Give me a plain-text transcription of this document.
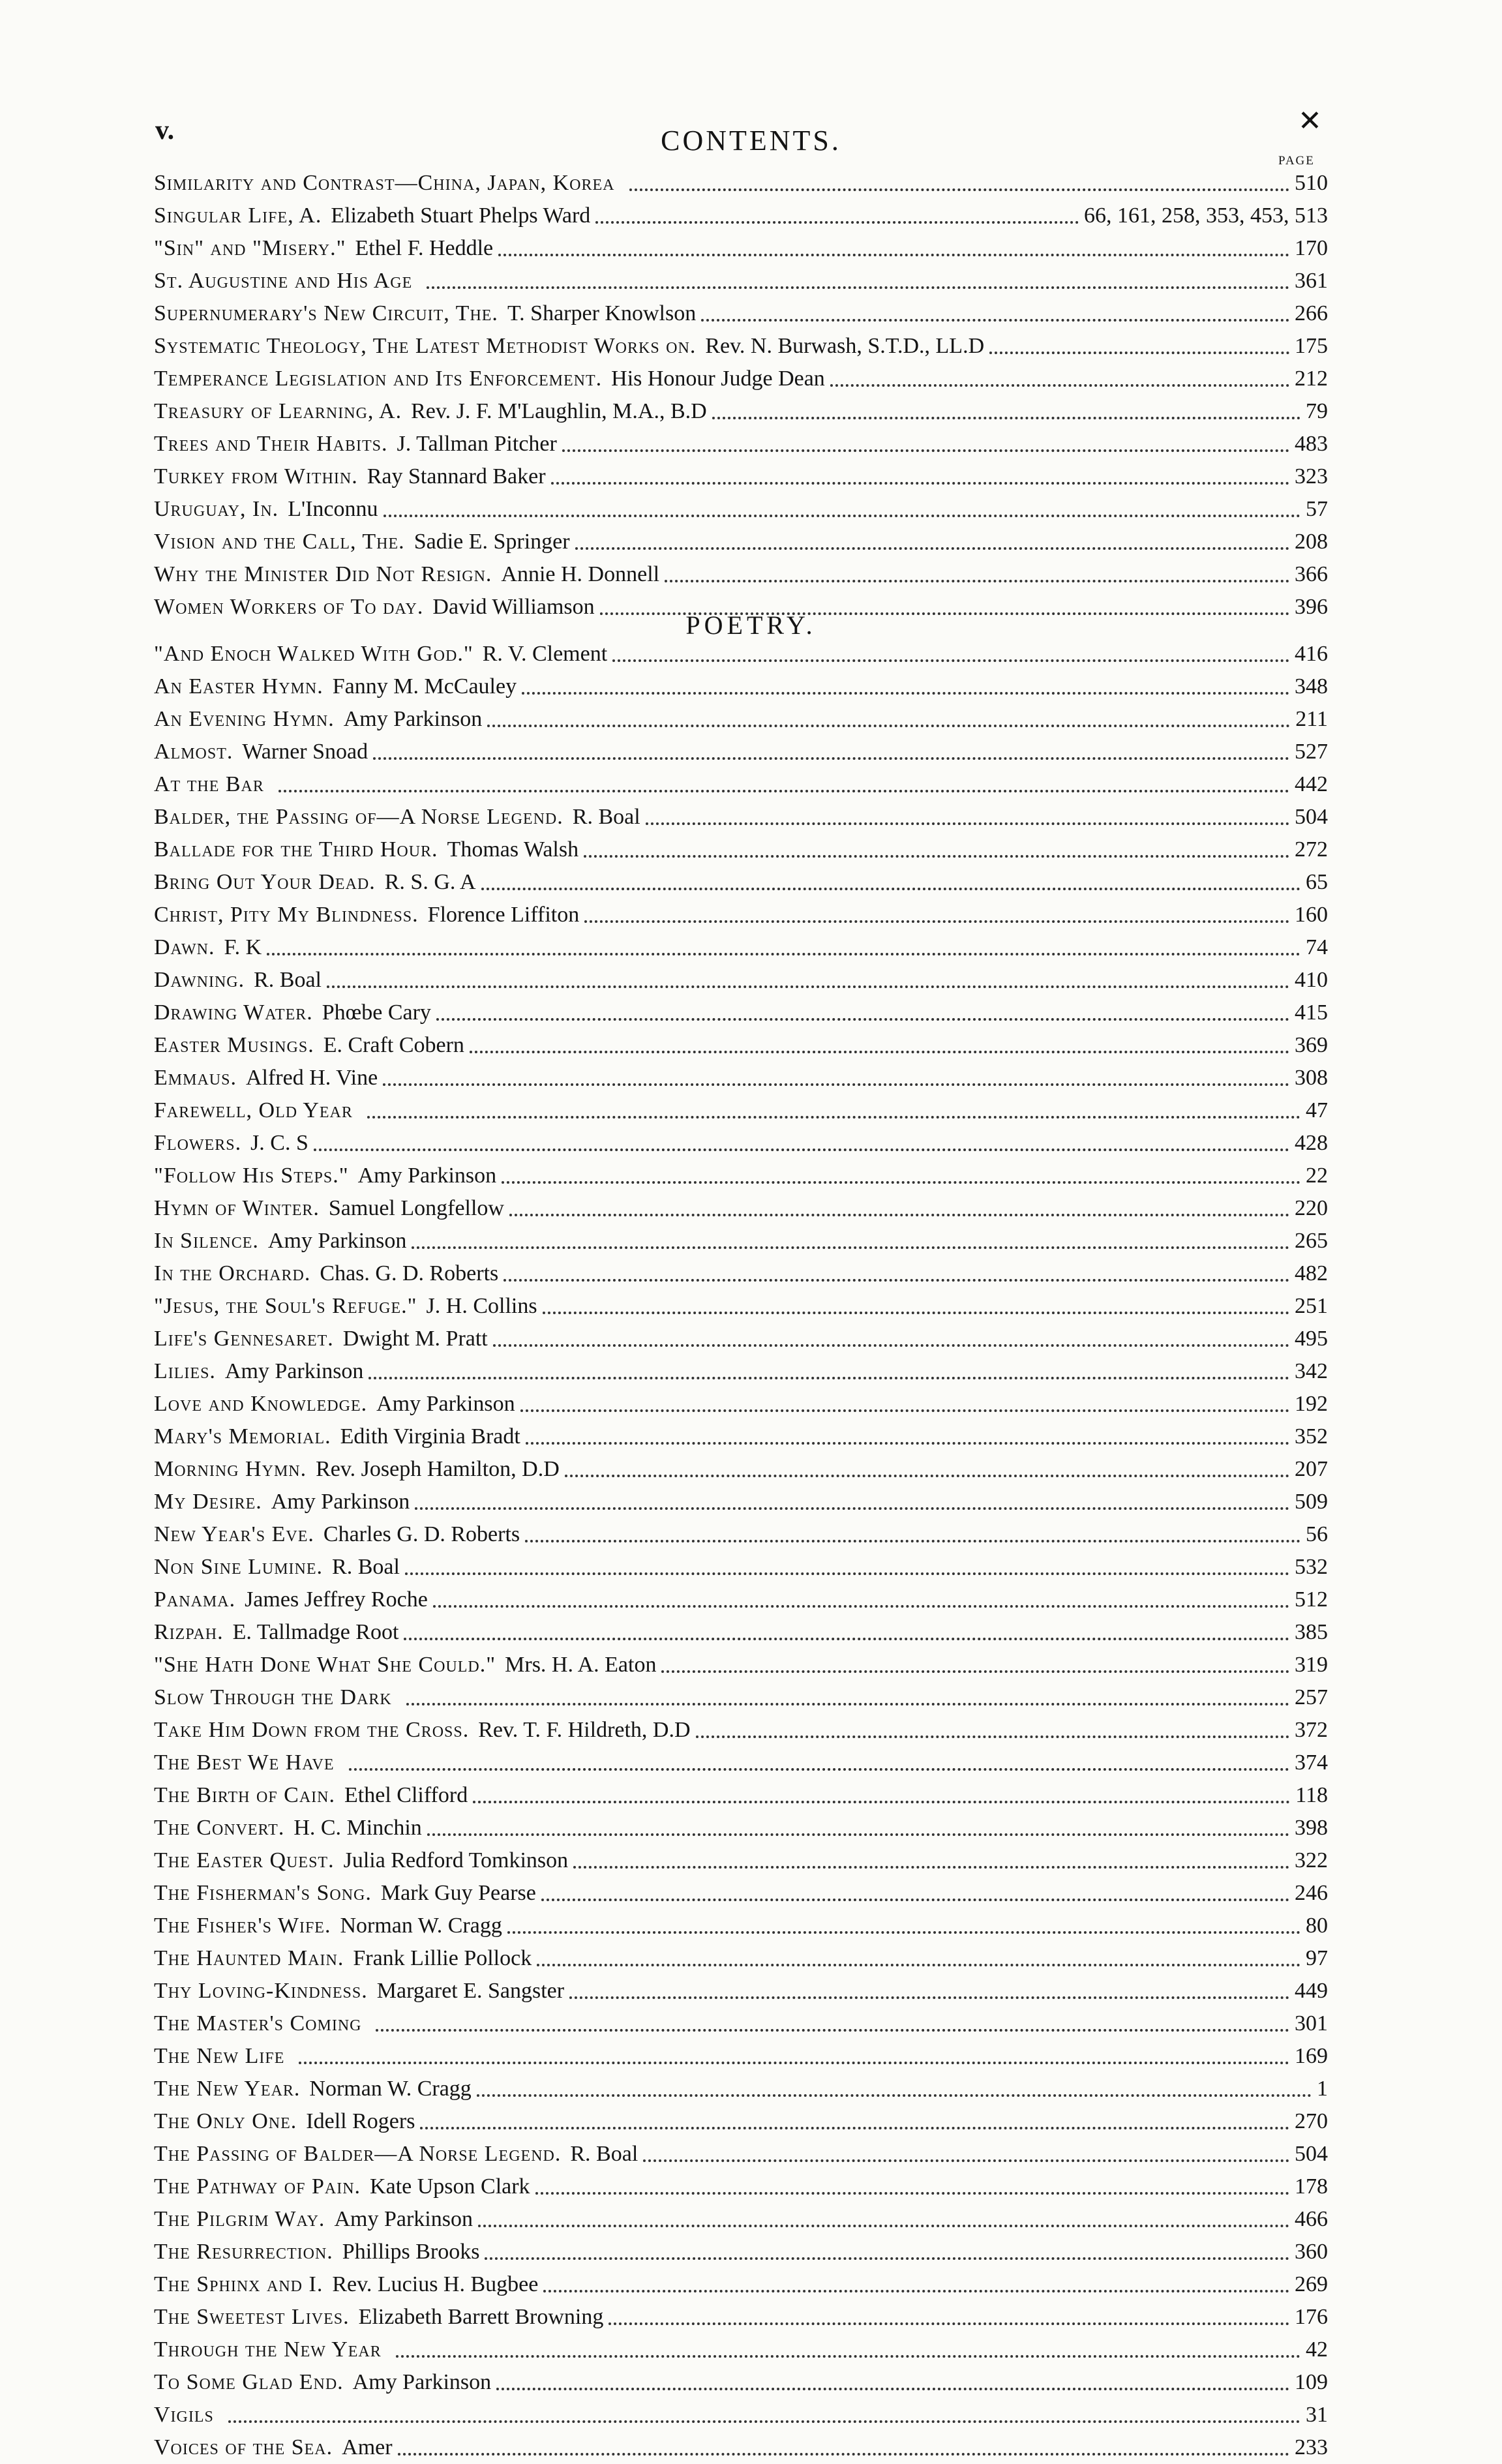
v.	CONTENTS.
✕
PAGE
Similarity and Contrast—China, Japan, Korea	510
Singular Life, A. Elizabeth Stuart Phelps Ward	66, 161, 258, 353, 453, 513
"Sin" and "Misery." Ethel F. Heddle	170
St. Augustine and His Age	361
Supernumerary's New Circuit, The. T. Sharper Knowlson	266
Systematic Theology, The Latest Methodist Works on. Rev. N. Burwash, S.T.D., LL.D	175
Temperance Legislation and Its Enforcement. His Honour Judge Dean	212
Treasury of Learning, A. Rev. J. F. M'Laughlin, M.A., B.D	79
Trees and Their Habits. J. Tallman Pitcher	483
Turkey from Within. Ray Stannard Baker	323
Uruguay, In. L'Inconnu	57
Vision and the Call, The. Sadie E. Springer	208
Why the Minister Did Not Resign. Annie H. Donnell	366
Women Workers of To day. David Williamson	396
POETRY.
"And Enoch Walked With God." R. V. Clement	416
An Easter Hymn. Fanny M. McCauley	348
An Evening Hymn. Amy Parkinson	211
Almost. Warner Snoad	527
At the Bar	442
Balder, the Passing of—A Norse Legend. R. Boal	504
Ballade for the Third Hour. Thomas Walsh	272
Bring Out Your Dead. R. S. G. A	65
Christ, Pity My Blindness. Florence Liffiton	160
Dawn. F. K	74
Dawning. R. Boal	410
Drawing Water. Phœbe Cary	415
Easter Musings. E. Craft Cobern	369
Emmaus. Alfred H. Vine	308
Farewell, Old Year	47
Flowers. J. C. S	428
"Follow His Steps." Amy Parkinson	22
Hymn of Winter. Samuel Longfellow	220
In Silence. Amy Parkinson	265
In the Orchard. Chas. G. D. Roberts	482
"Jesus, the Soul's Refuge." J. H. Collins	251
Life's Gennesaret. Dwight M. Pratt	495
Lilies. Amy Parkinson	342
Love and Knowledge. Amy Parkinson	192
Mary's Memorial. Edith Virginia Bradt	352
Morning Hymn. Rev. Joseph Hamilton, D.D	207
My Desire. Amy Parkinson	509
New Year's Eve. Charles G. D. Roberts	56
Non Sine Lumine. R. Boal	532
Panama. James Jeffrey Roche	512
Rizpah. E. Tallmadge Root	385
"She Hath Done What She Could." Mrs. H. A. Eaton	319
Slow Through the Dark	257
Take Him Down from the Cross. Rev. T. F. Hildreth, D.D	372
The Best We Have	374
The Birth of Cain. Ethel Clifford	118
The Convert. H. C. Minchin	398
The Easter Quest. Julia Redford Tomkinson	322
The Fisherman's Song. Mark Guy Pearse	246
The Fisher's Wife. Norman W. Cragg	80
The Haunted Main. Frank Lillie Pollock	97
Thy Loving-Kindness. Margaret E. Sangster	449
The Master's Coming	301
The New Life	169
The New Year. Norman W. Cragg	1
The Only One. Idell Rogers	270
The Passing of Balder—A Norse Legend. R. Boal	504
The Pathway of Pain. Kate Upson Clark	178
The Pilgrim Way. Amy Parkinson	466
The Resurrection. Phillips Brooks	360
The Sphinx and I. Rev. Lucius H. Bugbee	269
The Sweetest Lives. Elizabeth Barrett Browning	176
Through the New Year	42
To Some Glad End. Amy Parkinson	109
Vigils	31
Voices of the Sea. Amer	233
